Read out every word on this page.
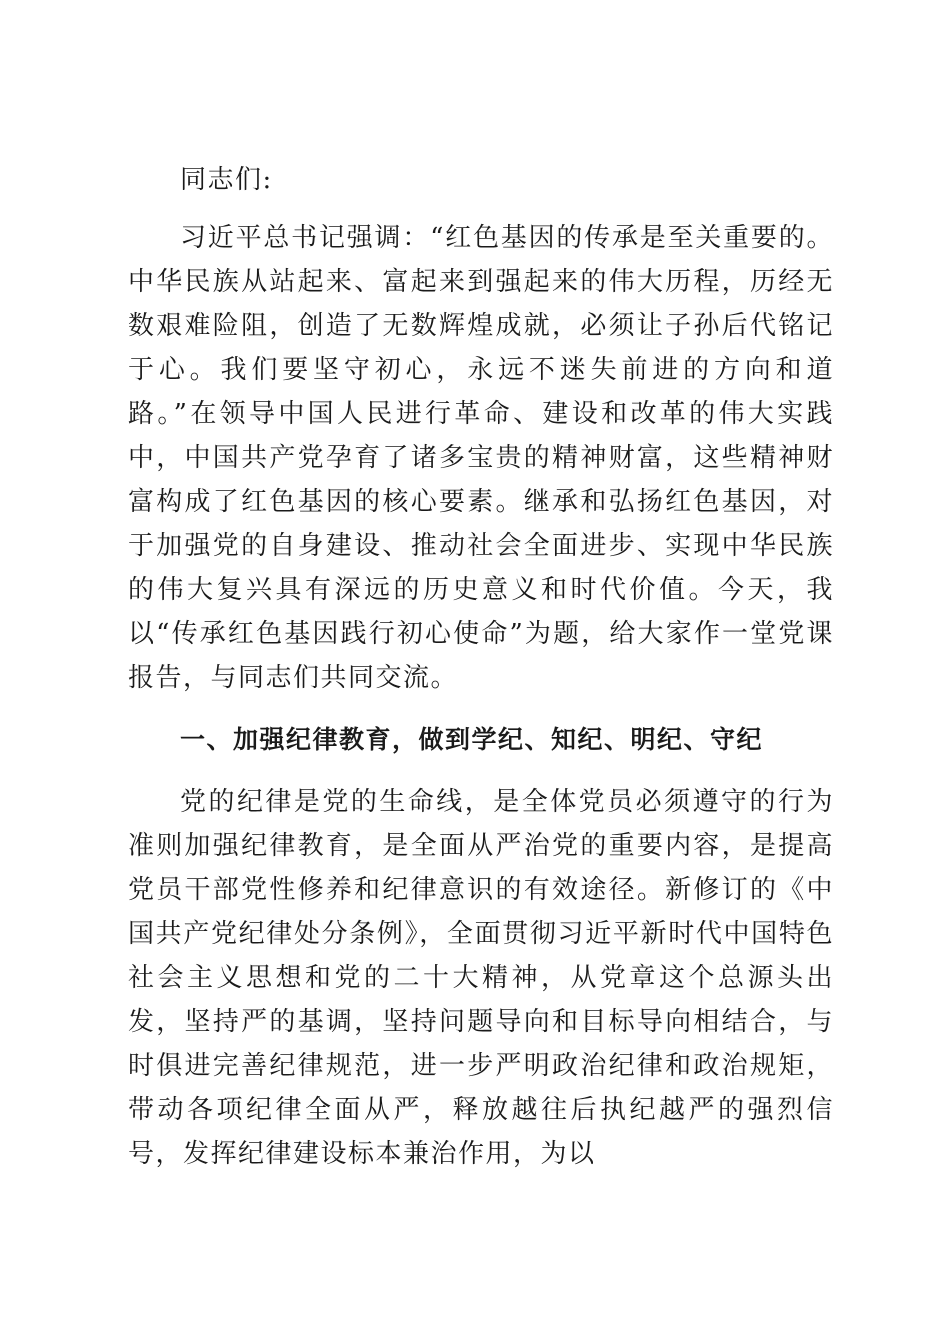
同志们:

习近平总书记强调：“红色基因的传承是至关重要的。中华民族从站起来、富起来到强起来的伟大历程，历经无数艰难险阻，创造了无数辉煌成就，必须让子孙后代铭记于心。我们要坚守初心，永远不迷失前进的方向和道路。”在领导中国人民进行革命、建设和改革的伟大实践中，中国共产党孕育了诸多宝贵的精神财富，这些精神财富构成了红色基因的核心要素。继承和弘扬红色基因，对于加强党的自身建设、推动社会全面进步、实现中华民族的伟大复兴具有深远的历史意义和时代价值。今天，我以“传承红色基因践行初心使命”为题，给大家作一堂党课报告，与同志们共同交流。

一、加强纪律教育，做到学纪、知纪、明纪、守纪

党的纪律是党的生命线，是全体党员必须遵守的行为准则加强纪律教育，是全面从严治党的重要内容，是提高党员干部党性修养和纪律意识的有效途径。新修订的《中国共产党纪律处分条例》，全面贯彻习近平新时代中国特色社会主义思想和党的二十大精神，从党章这个总源头出发，坚持严的基调，坚持问题导向和目标导向相结合，与时俱进完善纪律规范，进一步严明政治纪律和政治规矩，带动各项纪律全面从严，释放越往后执纪越严的强烈信号，发挥纪律建设标本兼治作用，为以
